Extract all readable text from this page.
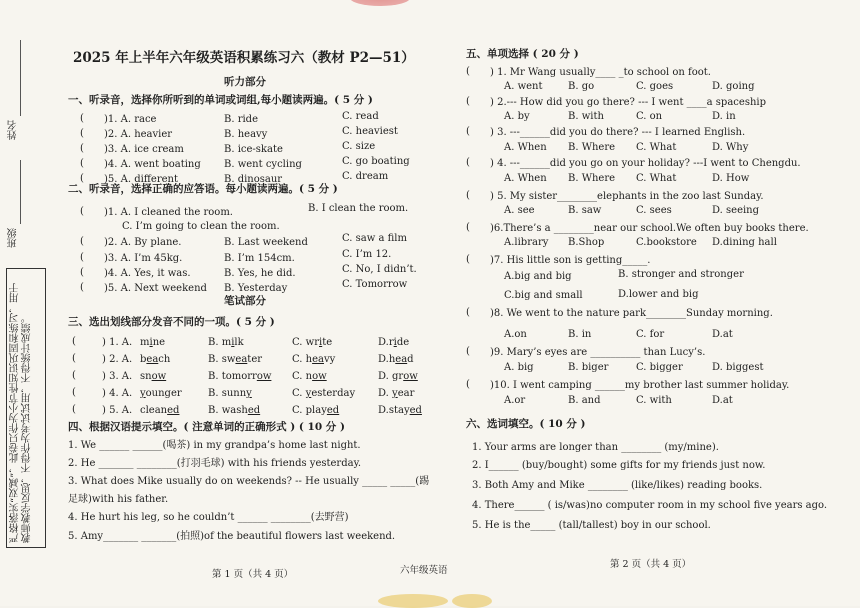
班级
姓名
严格落实“双减”，此卷只作为小节性知识巩固和练习，用于教师教学反思，不得作为考试试用，不得统计成绩。
2025 年上半年六年级英语积累练习六（教材 P2—51）
听力部分
一、听录音，选择你所听到的单词或词组,每小题读两遍。( 5 分 )
( )1. A. race	B. ride	C. read
( )2. A. heavier	B. heavy	C. heaviest
( )3. A. ice cream	B. ice-skate	C. size
( )4. A. went boating B. went cycling	C. go boating
( )5. A. different	B. dinosaur	C. dream
二、听录音，选择正确的应答语。每小题读两遍。( 5 分 )
( )1. A. I cleaned the room.	B. I clean the room.
C. I’m going to clean the room.
( )2. A. By plane.	B. Last weekend	C. saw a film
( )3. A. I’m 45kg.	B. I’m 154cm.	C. I’m 12.
( )4. A. Yes, it was.	B. Yes, he did.	C. No, I didn’t.
( )5. A. Next weekend B. Yesterday	C. Tomorrow
笔试部分
三、选出划线部分发音不同的一项。( 5 分 )
(	) 1. A. mine	B. milk	C. write	D.ride
(	) 2. A. beach	B. sweater	C. heavy	D.head
(	) 3. A. snow	B. tomorrow C. now	D. grow
(	) 4. A. younger	B. sunny	C. yesterday D. year
(	) 5. A. cleaned	B. washed	C. played	D.stayed
四、根据汉语提示填空。( 注意单词的正确形式 ) ( 10 分 )
1. We ______ ______(喝茶) in my grandpa’s home last night.
2. He _______ ________(打羽毛球) with his friends yesterday.
3. What does Mike usually do on weekends? -- He usually _____ _____(踢
足球)with his father.
4. He hurt his leg, so he couldn’t ______ ________(去野营)
5. Amy_______ _______(拍照)of the beautiful flowers last weekend.
五、单项选择 ( 20 分 )
( ) 1. Mr Wang usually____ _to school on foot.
A. went	B. go	C. goes	D. going
( ) 2.--- How did you go there? --- I went ____a spaceship
A. by	B. with	C. on	D. in
( ) 3. ---______did you do there? --- I learned English.
A. When B. Where C. What	D. Why
( ) 4. ---______did you go on your holiday? ---I went to Chengdu.
A. When B. Where C. What	D. How
( ) 5. My sister________elephants in the zoo last Sunday.
A. see	B. saw	C. sees	D. seeing
( )6.There’s a ________near our school.We often buy books there.
A.library B.Shop	C.bookstore D.dining hall
( )7. His little son is getting_____.
A.big and big	B. stronger and stronger
C.big and small	D.lower and big
( )8. We went to the nature park________Sunday morning.
A.on	B. in	C. for	D.at
( )9. Mary’s eyes are __________ than Lucy’s.
A. big	B. biger	C. bigger	D. biggest
( )10. I went camping ______my brother last summer holiday.
A.or	B. and	C. with	D.at
六、选词填空。( 10 分 )
1. Your arms are longer than ________ (my/mine).
2. I______ (buy/bought) some gifts for my friends just now.
3. Both Amy and Mike ________ (like/likes) reading books.
4. There______ ( is/was)no computer room in my school five years ago.
5. He is the_____ (tall/tallest) boy in our school.
第 1 页（共 4 页）	六年级英语
第 2 页（共 4 页）
